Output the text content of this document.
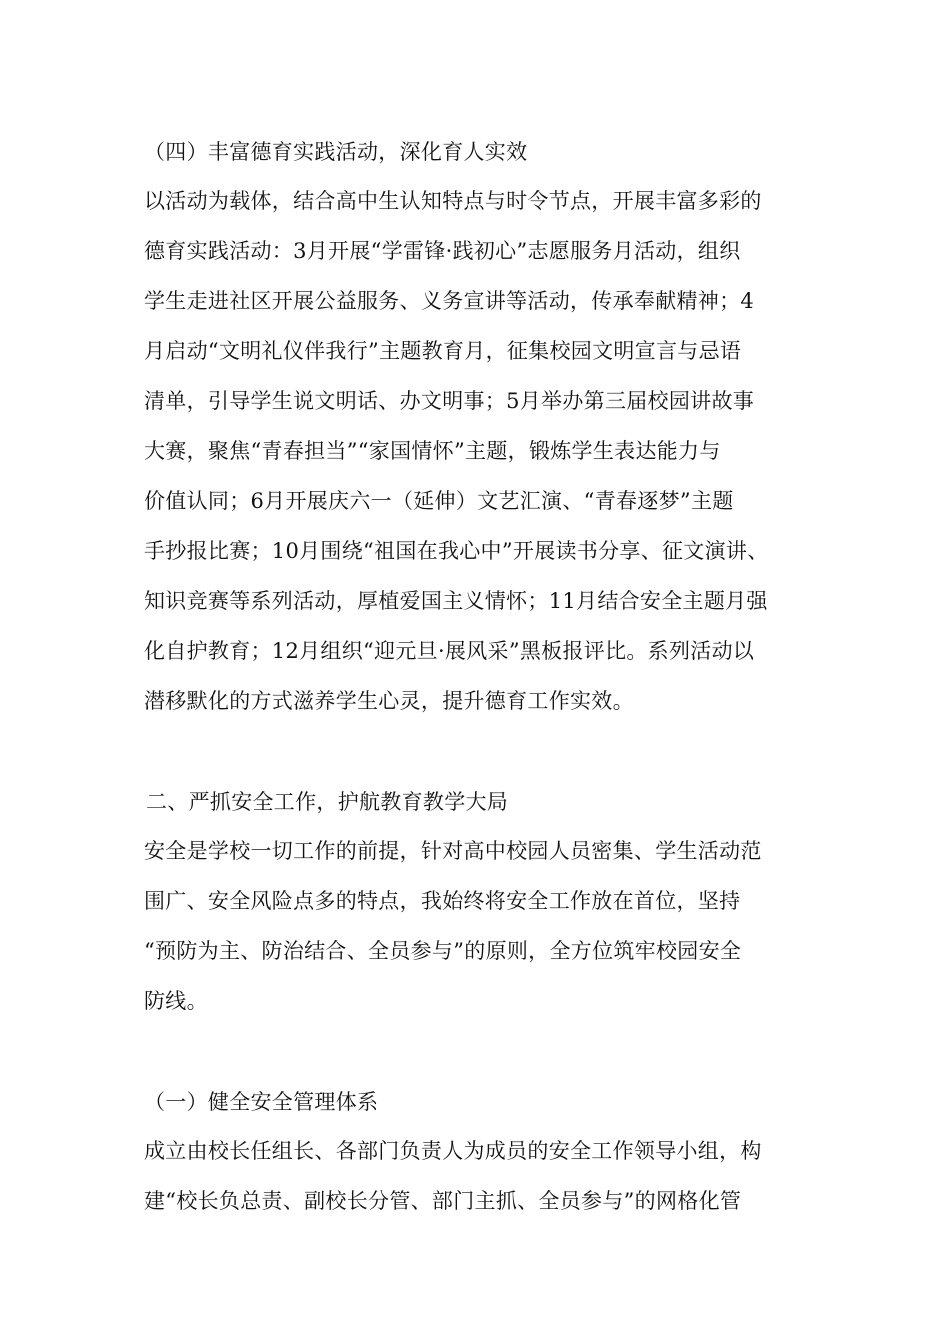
（四）丰富德育实践活动，深化育人实效
以活动为载体，结合高中生认知特点与时令节点，开展丰富多彩的
德育实践活动：3月开展“学雷锋·践初心”志愿服务月活动，组织
学生走进社区开展公益服务、义务宣讲等活动，传承奉献精神；4
月启动“文明礼仪伴我行”主题教育月，征集校园文明宣言与忌语
清单，引导学生说文明话、办文明事；5月举办第三届校园讲故事
大赛，聚焦“青春担当”“家国情怀”主题，锻炼学生表达能力与
价值认同；6月开展庆六一（延伸）文艺汇演、“青春逐梦”主题
手抄报比赛；10月围绕“祖国在我心中”开展读书分享、征文演讲、
知识竞赛等系列活动，厚植爱国主义情怀；11月结合安全主题月强
化自护教育；12月组织“迎元旦·展风采”黑板报评比。系列活动以
潜移默化的方式滋养学生心灵，提升德育工作实效。
二、严抓安全工作，护航教育教学大局
安全是学校一切工作的前提，针对高中校园人员密集、学生活动范
围广、安全风险点多的特点，我始终将安全工作放在首位，坚持
“预防为主、防治结合、全员参与”的原则，全方位筑牢校园安全
防线。
（一）健全安全管理体系
成立由校长任组长、各部门负责人为成员的安全工作领导小组，构
建“校长负总责、副校长分管、部门主抓、全员参与”的网格化管
